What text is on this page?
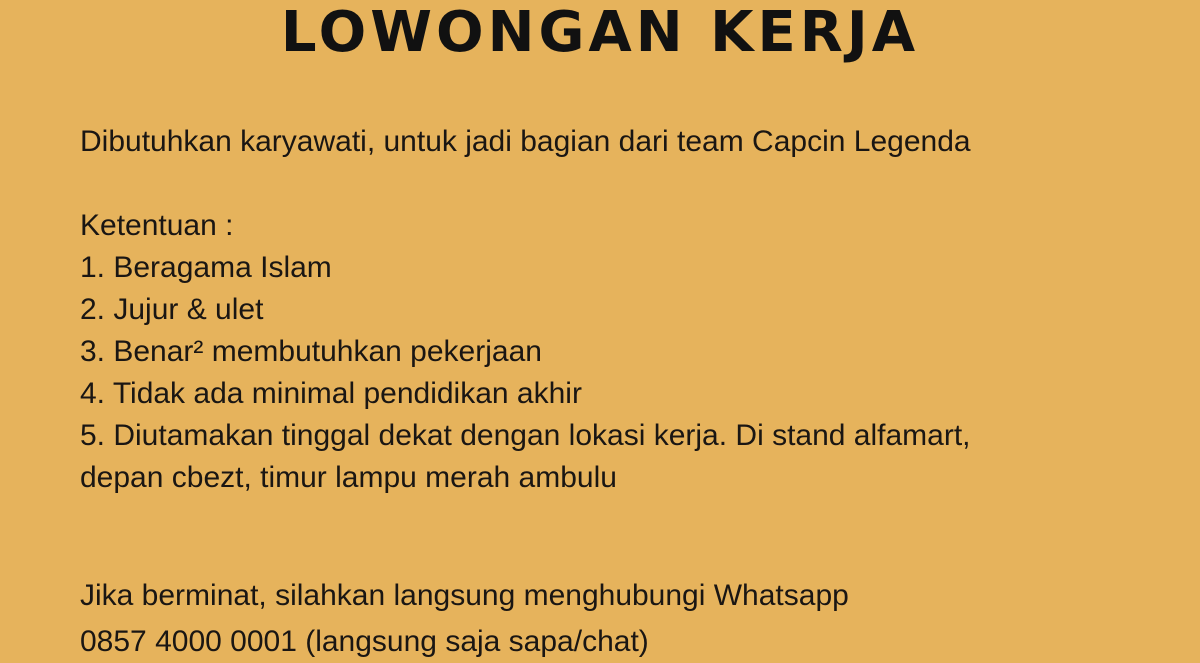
LOWONGAN KERJA
Dibutuhkan karyawati, untuk jadi bagian dari team Capcin Legenda
Ketentuan :
1. Beragama Islam
2. Jujur & ulet
3. Benar² membutuhkan pekerjaan
4. Tidak ada minimal pendidikan akhir
5. Diutamakan tinggal dekat dengan lokasi kerja. Di stand alfamart,
depan cbezt, timur lampu merah ambulu
Jika berminat, silahkan langsung menghubungi Whatsapp
0857 4000 0001 (langsung saja sapa/chat)
